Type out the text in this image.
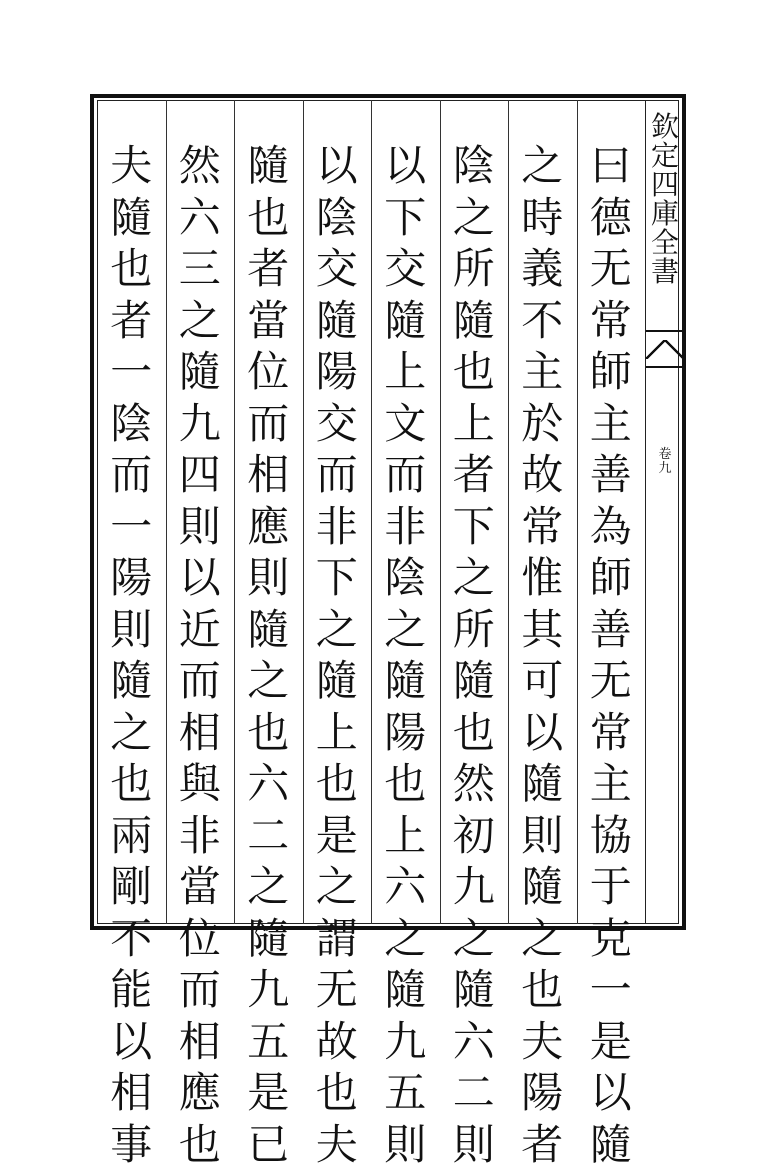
欽
定
四
庫
全
書
卷
九
曰
德
无
常
師
主
善
為
師
善
无
常
主
協
于
克
一
是
以
隨
之
時
義
不
主
於
故
常
惟
其
可
以
隨
則
隨
之
也
夫
陽
者
陰
之
所
隨
也
上
者
下
之
所
隨
也
然
初
九
之
隨
六
二
則
以
下
交
隨
上
文
而
非
陰
之
隨
陽
也
上
六
之
隨
九
五
則
以
陰
交
隨
陽
交
而
非
下
之
隨
上
也
是
之
謂
无
故
也
夫
隨
也
者
當
位
而
相
應
則
隨
之
也
六
二
之
隨
九
五
是
已
然
六
三
之
隨
九
四
則
以
近
而
相
與
非
當
位
而
相
應
也
夫
隨
也
者
一
陰
而
一
陽
則
隨
之
也
兩
剛
不
能
以
相
事
